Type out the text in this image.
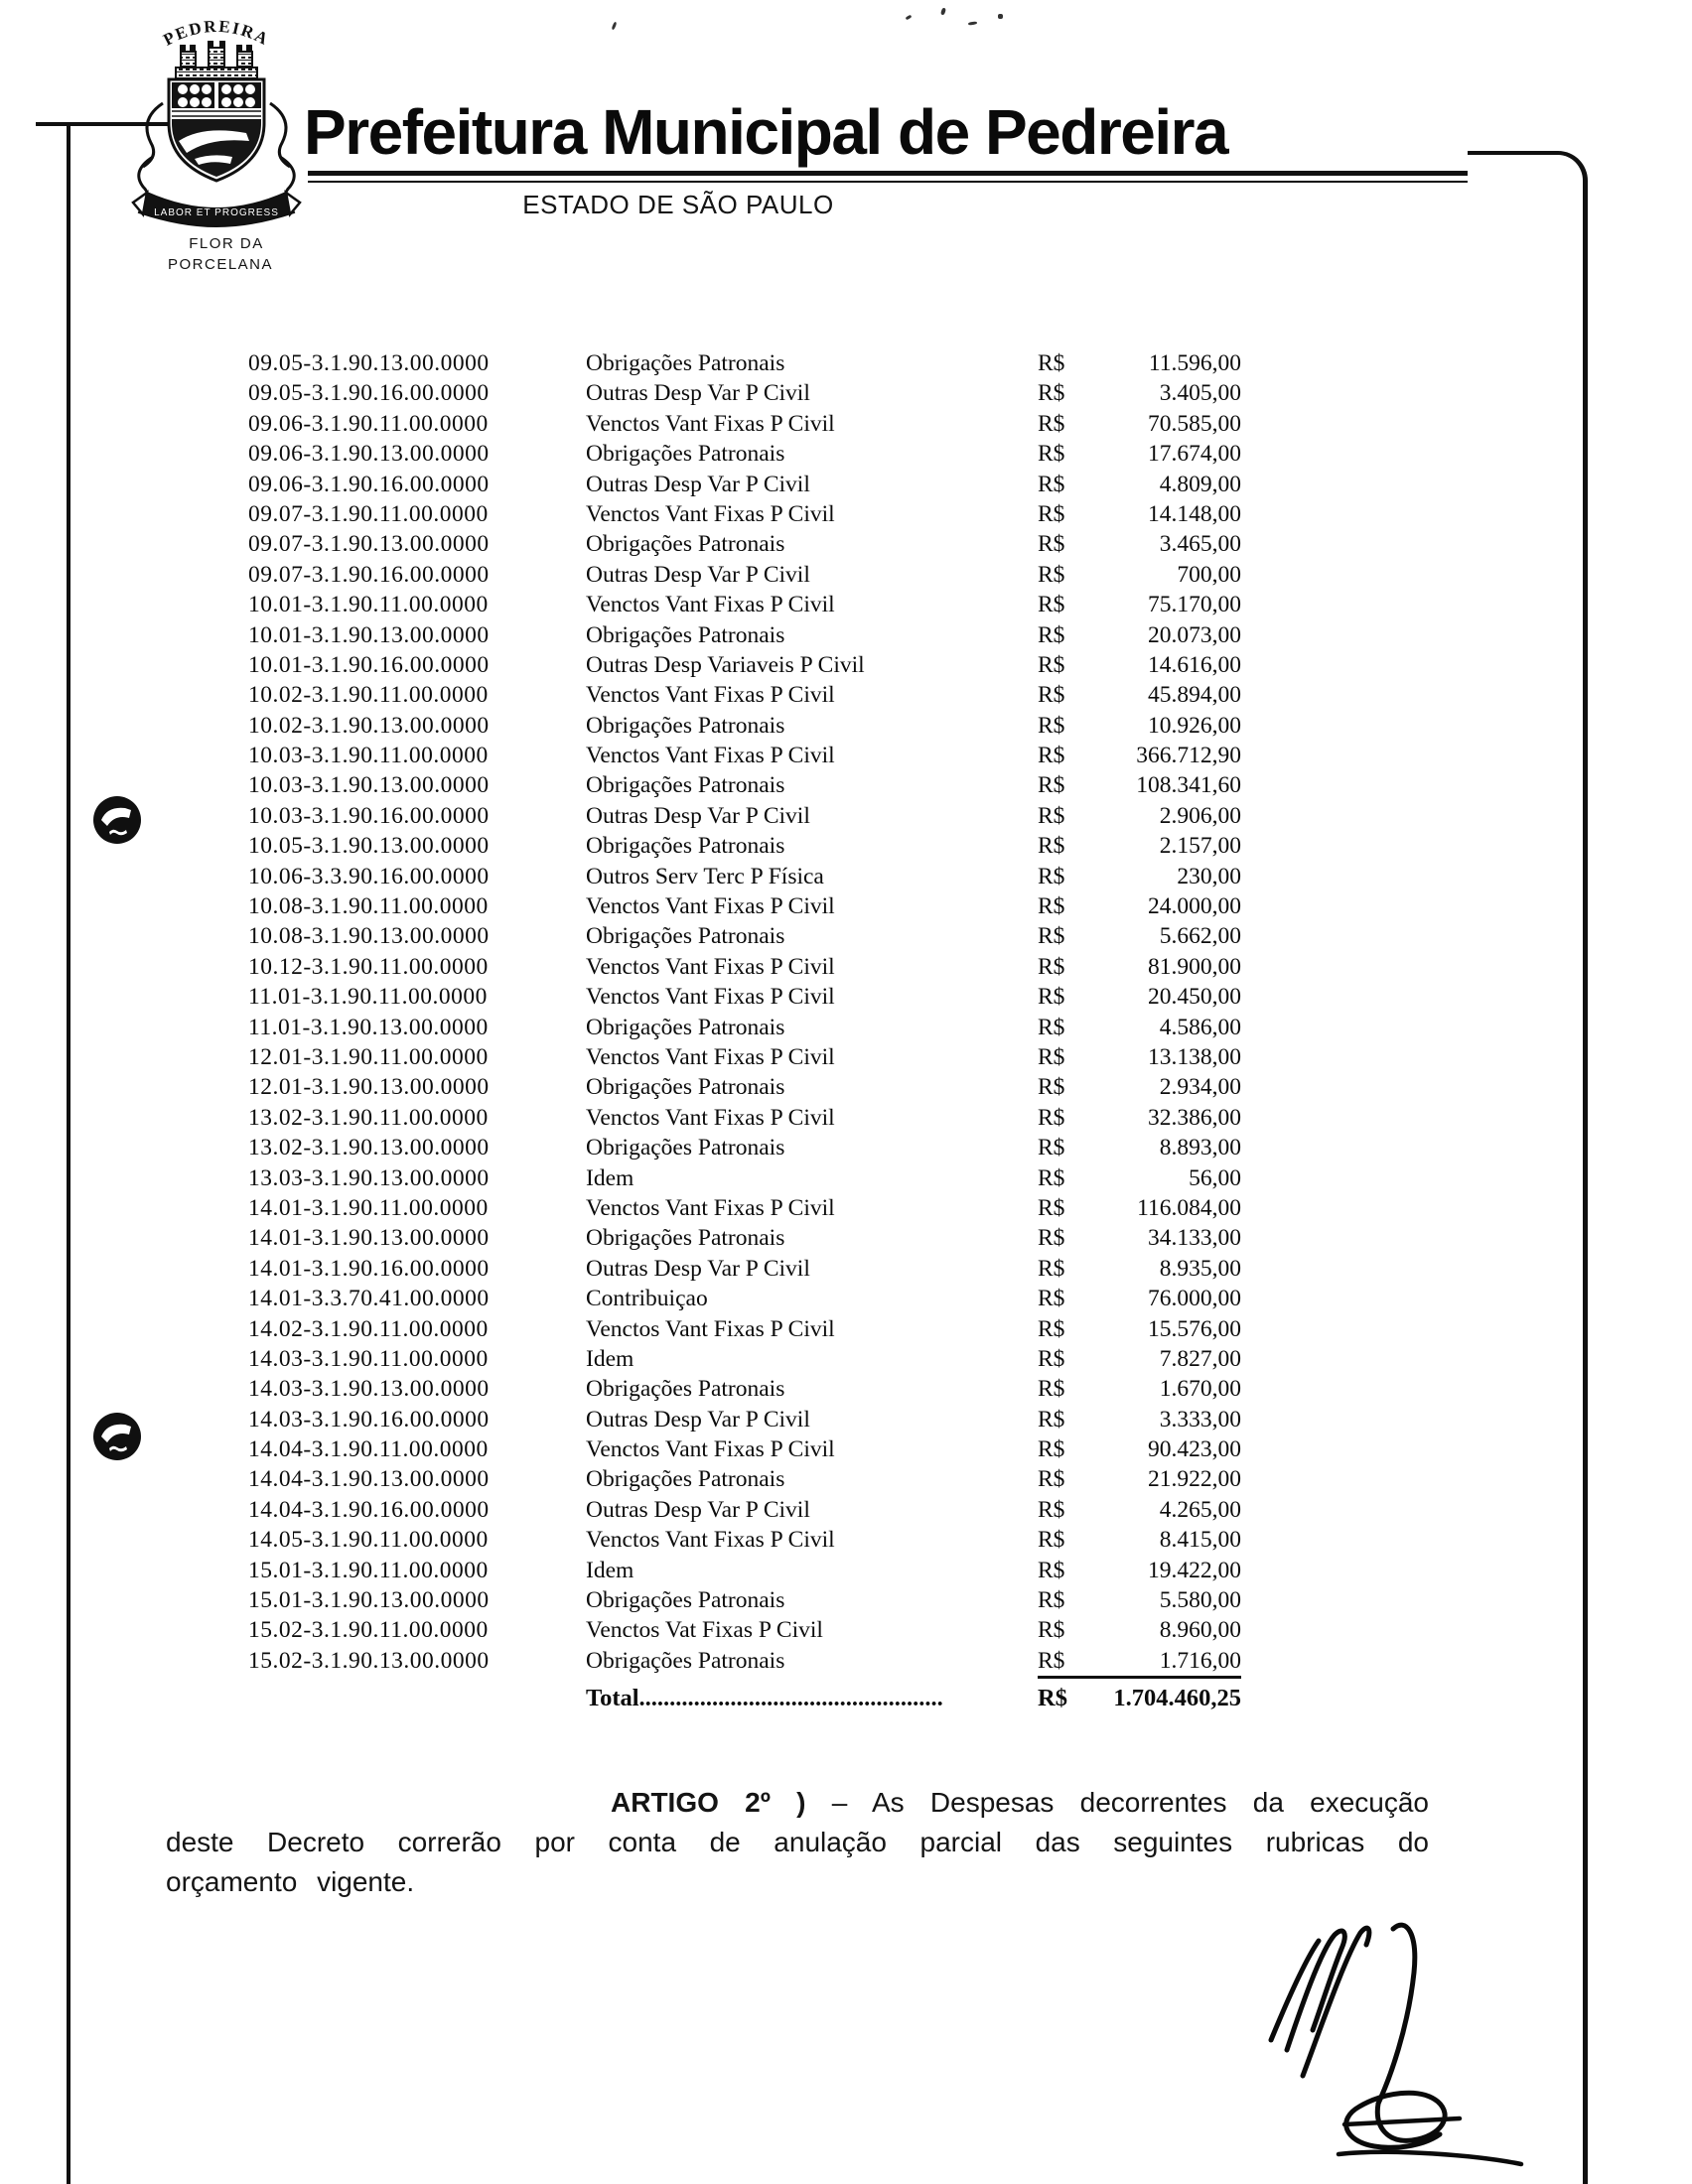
PEDREIRA
LABOR ET PROGRESS
FLOR DA
PORCELANA
Prefeitura Municipal de Pedreira
ESTADO DE SÃO PAULO
09.05-3.1.90.13.00.0000	Obrigações Patronais	R$	11.596,00
09.05-3.1.90.16.00.0000	Outras Desp Var P Civil	R$	3.405,00
09.06-3.1.90.11.00.0000	Venctos Vant Fixas P Civil	R$	70.585,00
09.06-3.1.90.13.00.0000	Obrigações Patronais	R$	17.674,00
09.06-3.1.90.16.00.0000	Outras Desp Var P Civil	R$	4.809,00
09.07-3.1.90.11.00.0000	Venctos Vant Fixas P Civil	R$	14.148,00
09.07-3.1.90.13.00.0000	Obrigações Patronais	R$	3.465,00
09.07-3.1.90.16.00.0000	Outras Desp Var P Civil	R$	700,00
10.01-3.1.90.11.00.0000	Venctos Vant Fixas P Civil	R$	75.170,00
10.01-3.1.90.13.00.0000	Obrigações Patronais	R$	20.073,00
10.01-3.1.90.16.00.0000	Outras Desp Variaveis P Civil	R$	14.616,00
10.02-3.1.90.11.00.0000	Venctos Vant Fixas P Civil	R$	45.894,00
10.02-3.1.90.13.00.0000	Obrigações Patronais	R$	10.926,00
10.03-3.1.90.11.00.0000	Venctos Vant Fixas P Civil	R$	366.712,90
10.03-3.1.90.13.00.0000	Obrigações Patronais	R$	108.341,60
10.03-3.1.90.16.00.0000	Outras Desp Var P Civil	R$	2.906,00
10.05-3.1.90.13.00.0000	Obrigações Patronais	R$	2.157,00
10.06-3.3.90.16.00.0000	Outros Serv Terc P Física	R$	230,00
10.08-3.1.90.11.00.0000	Venctos Vant Fixas P Civil	R$	24.000,00
10.08-3.1.90.13.00.0000	Obrigações Patronais	R$	5.662,00
10.12-3.1.90.11.00.0000	Venctos Vant Fixas P Civil	R$	81.900,00
11.01-3.1.90.11.00.0000	Venctos Vant Fixas P Civil	R$	20.450,00
11.01-3.1.90.13.00.0000	Obrigações Patronais	R$	4.586,00
12.01-3.1.90.11.00.0000	Venctos Vant Fixas P Civil	R$	13.138,00
12.01-3.1.90.13.00.0000	Obrigações Patronais	R$	2.934,00
13.02-3.1.90.11.00.0000	Venctos Vant Fixas P Civil	R$	32.386,00
13.02-3.1.90.13.00.0000	Obrigações Patronais	R$	8.893,00
13.03-3.1.90.13.00.0000	Idem	R$	56,00
14.01-3.1.90.11.00.0000	Venctos Vant Fixas P Civil	R$	116.084,00
14.01-3.1.90.13.00.0000	Obrigações Patronais	R$	34.133,00
14.01-3.1.90.16.00.0000	Outras Desp Var P Civil	R$	8.935,00
14.01-3.3.70.41.00.0000	Contribuiçao	R$	76.000,00
14.02-3.1.90.11.00.0000	Venctos Vant Fixas P Civil	R$	15.576,00
14.03-3.1.90.11.00.0000	Idem	R$	7.827,00
14.03-3.1.90.13.00.0000	Obrigações Patronais	R$	1.670,00
14.03-3.1.90.16.00.0000	Outras Desp Var P Civil	R$	3.333,00
14.04-3.1.90.11.00.0000	Venctos Vant Fixas P Civil	R$	90.423,00
14.04-3.1.90.13.00.0000	Obrigações Patronais	R$	21.922,00
14.04-3.1.90.16.00.0000	Outras Desp Var P Civil	R$	4.265,00
14.05-3.1.90.11.00.0000	Venctos Vant Fixas P Civil	R$	8.415,00
15.01-3.1.90.11.00.0000	Idem	R$	19.422,00
15.01-3.1.90.13.00.0000	Obrigações Patronais	R$	5.580,00
15.02-3.1.90.11.00.0000	Venctos Vat Fixas P Civil	R$	8.960,00
15.02-3.1.90.13.00.0000	Obrigações Patronais	R$	1.716,00
Total..................................................	R$	1.704.460,25

ARTIGO 2º ) – As Despesas decorrentes da execução deste Decreto correrão por conta de anulação parcial das seguintes rubricas do orçamento vigente.
